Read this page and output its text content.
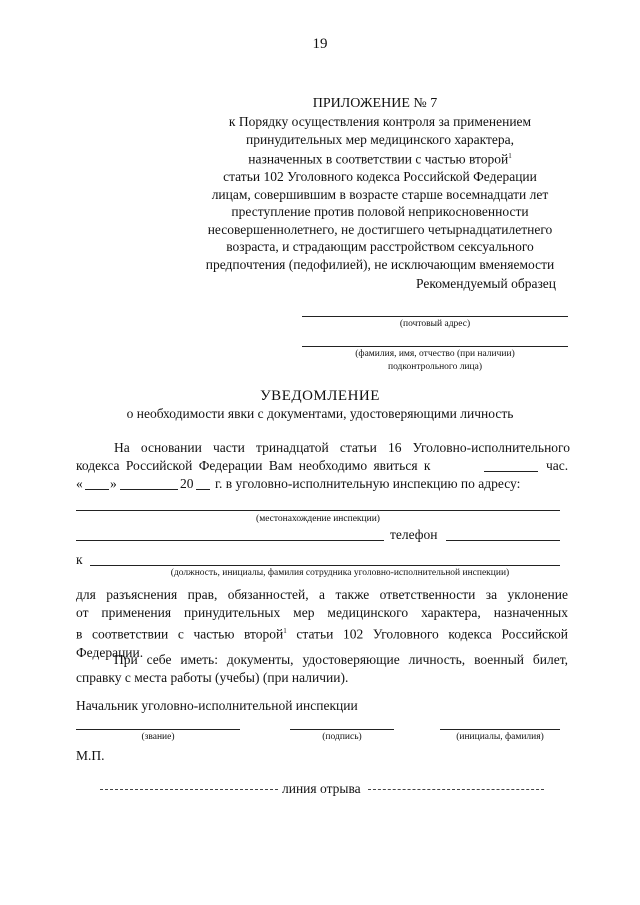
19
ПРИЛОЖЕНИЕ № 7
к Порядку осуществления контроля за применением
принудительных мер медицинского характера,
назначенных в соответствии с частью второй$^1$
статьи 102 Уголовного кодекса Российской Федерации
лицам, совершившим в возрасте старше восемнадцати лет
преступление против половой неприкосновенности
несовершеннолетнего, не достигшего четырнадцатилетнего
возраста, и страдающим расстройством сексуального
предпочтения (педофилией), не исключающим вменяемости
Рекомендуемый образец
(почтовый адрес)
(фамилия, имя, отчество (при наличии)
подконтрольного лица)
УВЕДОМЛЕНИЕ
о необходимости явки с документами, удостоверяющими личность
На основании части тринадцатой статьи 16 Уголовно-исполнительного
кодекса Российской Федерации Вам необходимо явиться к	час.
« »	20 г. в уголовно-исполнительную инспекцию по адресу:
(местонахождение инспекции)
телефон
к
(должность, инициалы, фамилия сотрудника уголовно-исполнительной инспекции)
для разъяснения прав, обязанностей, а также ответственности за уклонение
от применения принудительных мер медицинского характера, назначенных
в соответствии с частью второй$^1$ статьи 102 Уголовного кодекса Российской
Федерации.
При себе иметь: документы, удостоверяющие личность, военный билет,
справку с места работы (учебы) (при наличии).
Начальник уголовно-исполнительной инспекции
(звание)	(подпись)	(инициалы, фамилия)
М.П.
линия отрыва
